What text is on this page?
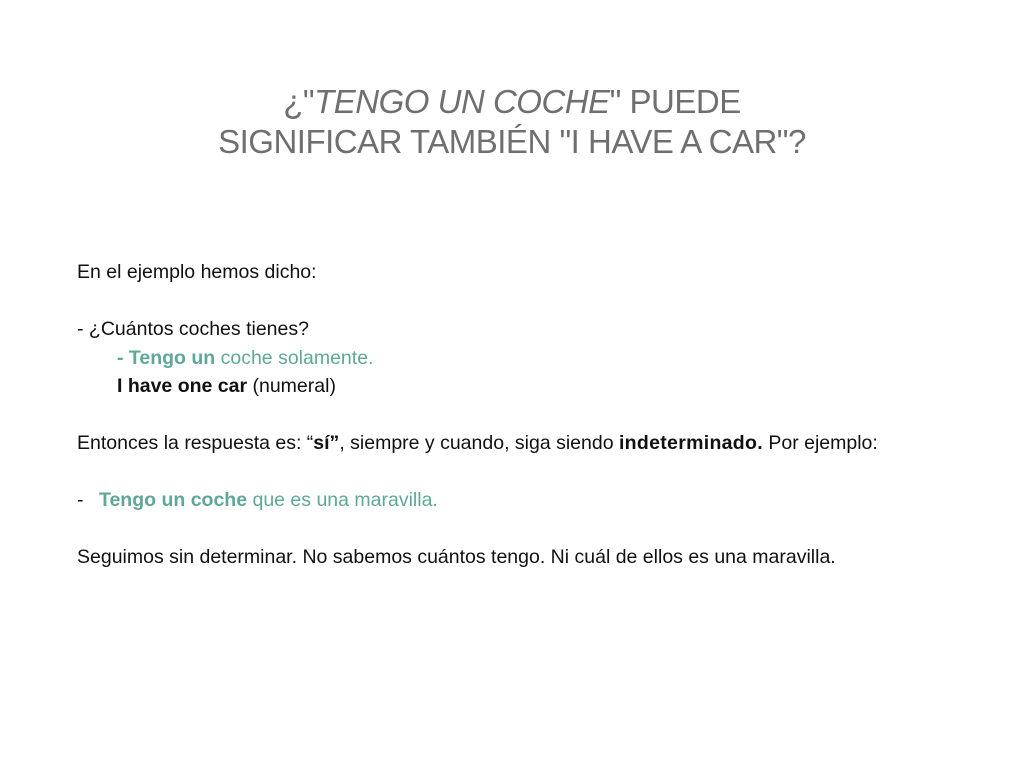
¿"TENGO UN COCHE" PUEDE
SIGNIFICAR TAMBIÉN "I HAVE A CAR"?

En el ejemplo hemos dicho:

- ¿Cuántos coches tienes?

- Tengo un coche solamente.

I have one car (numeral)

Entonces la respuesta es: “sí”, siempre y cuando, siga siendo indeterminado. Por ejemplo:

- Tengo un coche que es una maravilla.

Seguimos sin determinar. No sabemos cuántos tengo. Ni cuál de ellos es una maravilla.
